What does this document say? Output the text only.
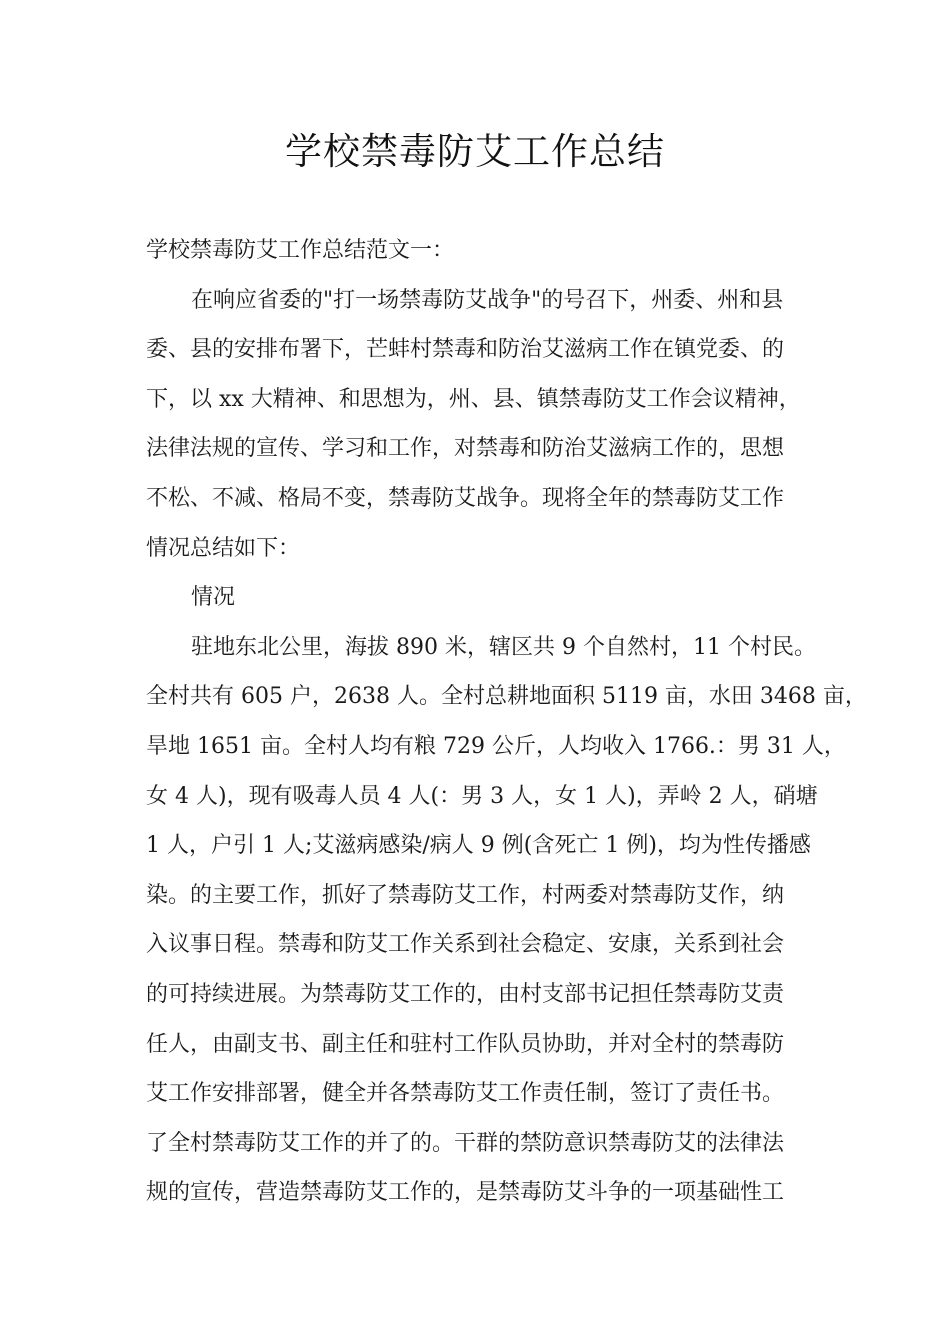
学校禁毒防艾工作总结

学校禁毒防艾工作总结范文一：

在响应省委的"打一场禁毒防艾战争"的号召下，州委、州和县

委、县的安排布署下，芒蚌村禁毒和防治艾滋病工作在镇党委、的

下，以 xx 大精神、和思想为，州、县、镇禁毒防艾工作会议精神，

法律法规的宣传、学习和工作，对禁毒和防治艾滋病工作的，思想

不松、不减、格局不变，禁毒防艾战争。现将全年的禁毒防艾工作

情况总结如下：

情况

驻地东北公里，海拔 890 米，辖区共 9 个自然村，11 个村民。

全村共有 605 户，2638 人。全村总耕地面积 5119 亩，水田 3468 亩，

旱地 1651 亩。全村人均有粮 729 公斤，人均收入 1766.：男 31 人，

女 4 人)，现有吸毒人员 4 人(：男 3 人，女 1 人)，弄岭 2 人，硝塘

1 人，户引 1 人;艾滋病感染/病人 9 例(含死亡 1 例)，均为性传播感

染。的主要工作，抓好了禁毒防艾工作，村两委对禁毒防艾作，纳

入议事日程。禁毒和防艾工作关系到社会稳定、安康，关系到社会

的可持续进展。为禁毒防艾工作的，由村支部书记担任禁毒防艾责

任人，由副支书、副主任和驻村工作队员协助，并对全村的禁毒防

艾工作安排部署，健全并各禁毒防艾工作责任制，签订了责任书。

了全村禁毒防艾工作的并了的。干群的禁防意识禁毒防艾的法律法

规的宣传，营造禁毒防艾工作的，是禁毒防艾斗争的一项基础性工
